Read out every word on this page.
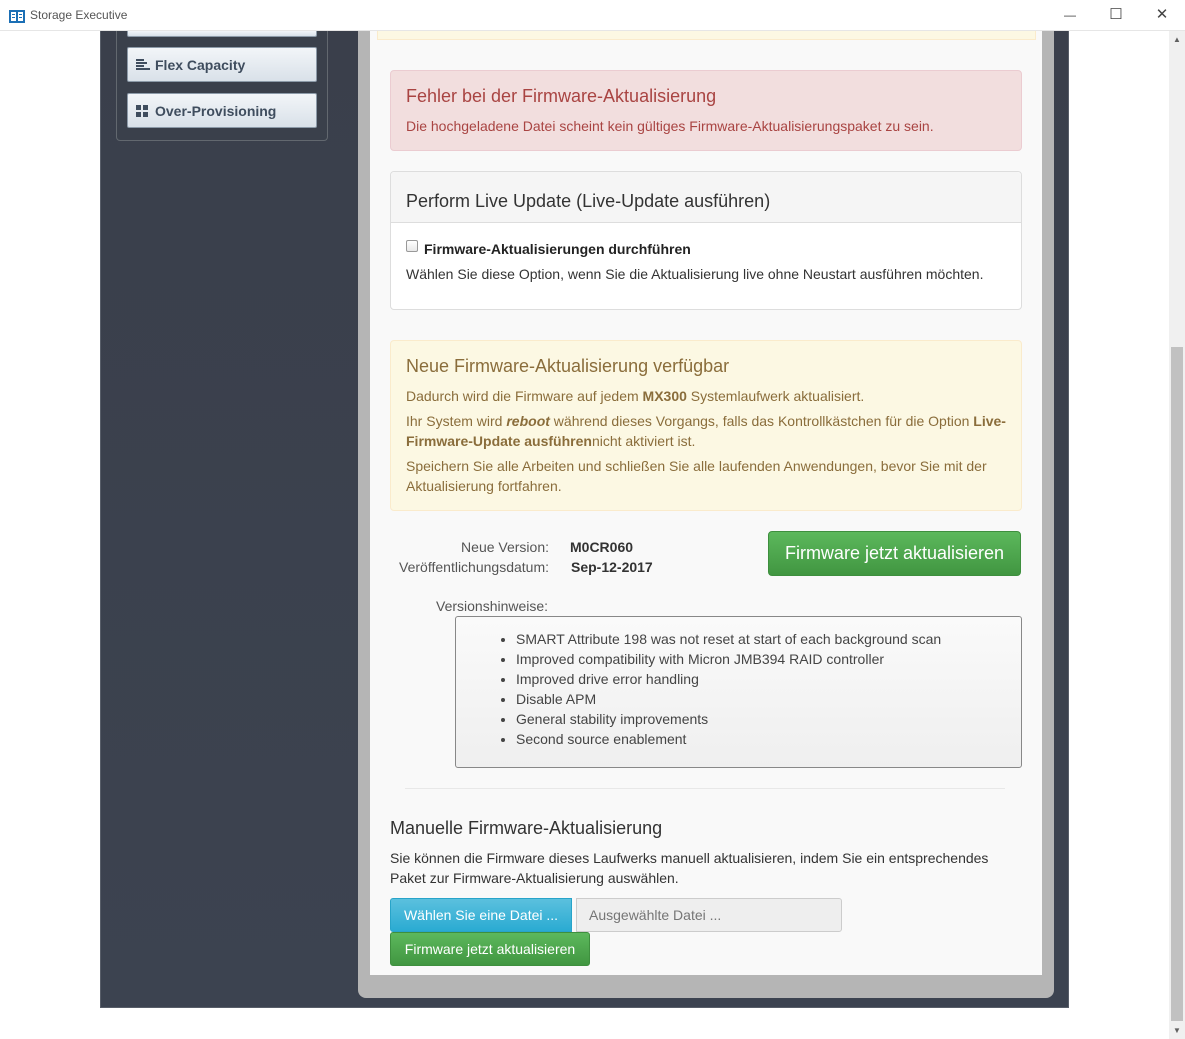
Storage Executive	—	☐	✕
Flex Capacity
Over-Provisioning
Fehler bei der Firmware-Aktualisierung
Die hochgeladene Datei scheint kein gültiges Firmware-Aktualisierungspaket zu sein.
Perform Live Update (Live-Update ausführen)
Firmware-Aktualisierungen durchführen
Wählen Sie diese Option, wenn Sie die Aktualisierung live ohne Neustart ausführen möchten.
Neue Firmware-Aktualisierung verfügbar

Dadurch wird die Firmware auf jedem MX300 Systemlaufwerk aktualisiert.

Ihr System wird reboot während dieses Vorgangs, falls das Kontrollkästchen für die Option Live-Firmware-Update ausführennicht aktiviert ist.

Speichern Sie alle Arbeiten und schließen Sie alle laufenden Anwendungen, bevor Sie mit der Aktualisierung fortfahren.

Neue Version: M0CR060
Veröffentlichungsdatum: Sep-12-2017
Firmware jetzt aktualisieren
Versionshinweise:
• SMART Attribute 198 was not reset at start of each background scan
• Improved compatibility with Micron JMB394 RAID controller
• Improved drive error handling
• Disable APM
• General stability improvements
• Second source enablement
Manuelle Firmware-Aktualisierung

Sie können die Firmware dieses Laufwerks manuell aktualisieren, indem Sie ein entsprechendes Paket zur Firmware-Aktualisierung auswählen.

Wählen Sie eine Datei ...
Ausgewählte Datei ...
Firmware jetzt aktualisieren
▲
▼
